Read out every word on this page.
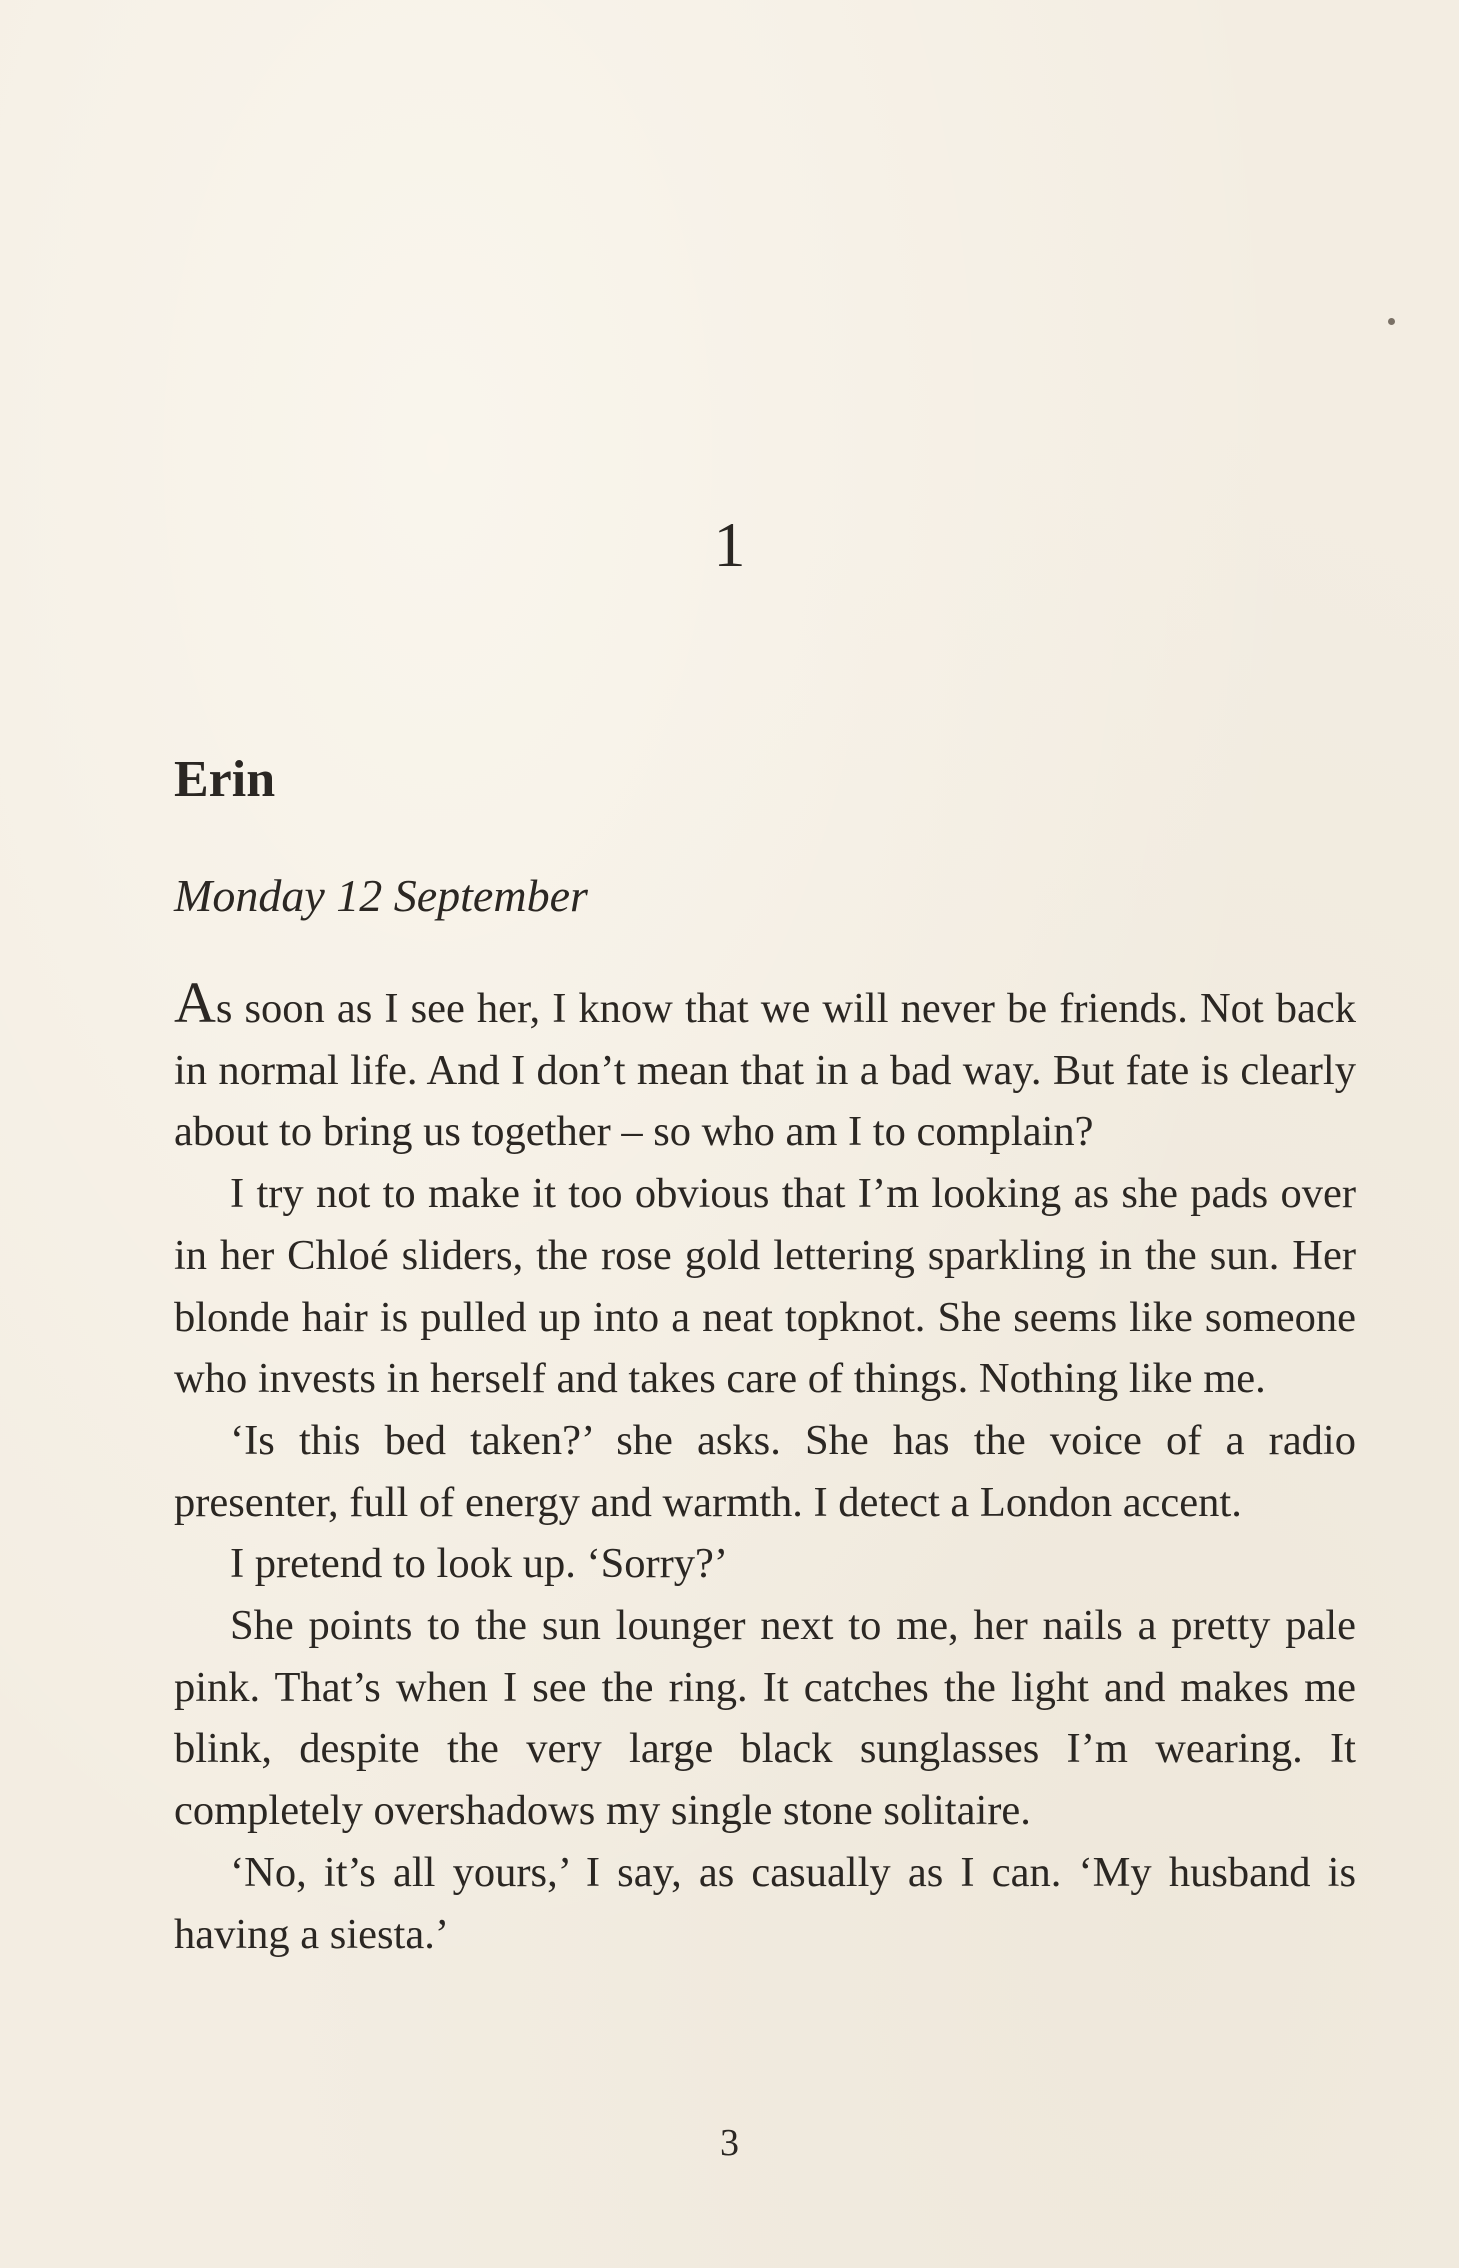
1
Erin
Monday 12 September

As soon as I see her, I know that we will never be friends. Not back in normal life. And I don’t mean that in a bad way. But fate is clearly about to bring us together – so who am I to complain?

I try not to make it too obvious that I’m looking as she pads over in her Chloé sliders, the rose gold lettering sparkling in the sun. Her blonde hair is pulled up into a neat topknot. She seems like someone who invests in herself and takes care of things. Nothing like me.

‘Is this bed taken?’ she asks. She has the voice of a radio presenter, full of energy and warmth. I detect a London accent.

I pretend to look up. ‘Sorry?’

She points to the sun lounger next to me, her nails a pretty pale pink. That’s when I see the ring. It catches the light and makes me blink, despite the very large black sunglasses I’m wearing. It completely overshadows my single stone solitaire.

‘No, it’s all yours,’ I say, as casually as I can. ‘My husband is having a siesta.’

3
